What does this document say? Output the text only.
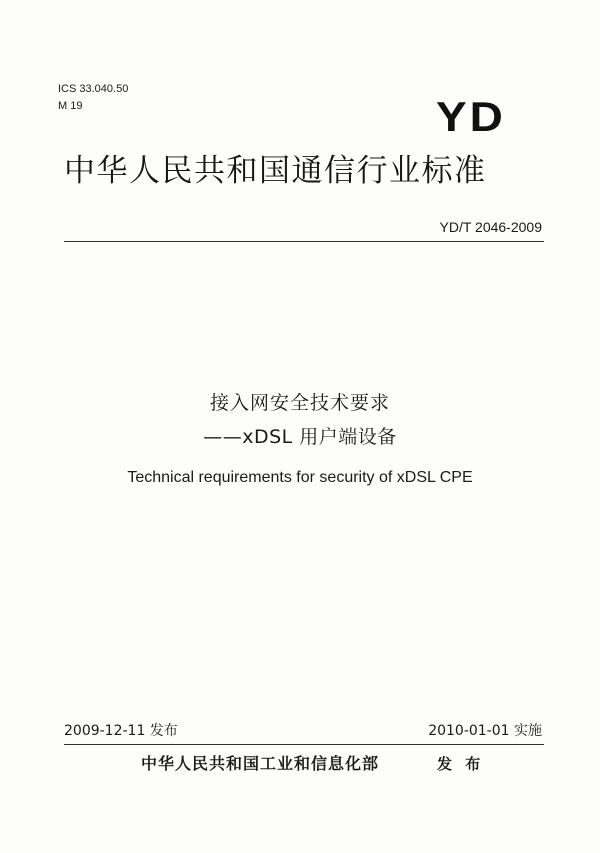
ICS 33.040.50
M 19	YD
中华人民共和国通信行业标准
YD/T 2046-2009
接入网安全技术要求
——xDSL 用户端设备
Technical requirements for security of xDSL CPE
2009-12-11 发布	2010-01-01 实施
中华人民共和国工业和信息化部	发 布
